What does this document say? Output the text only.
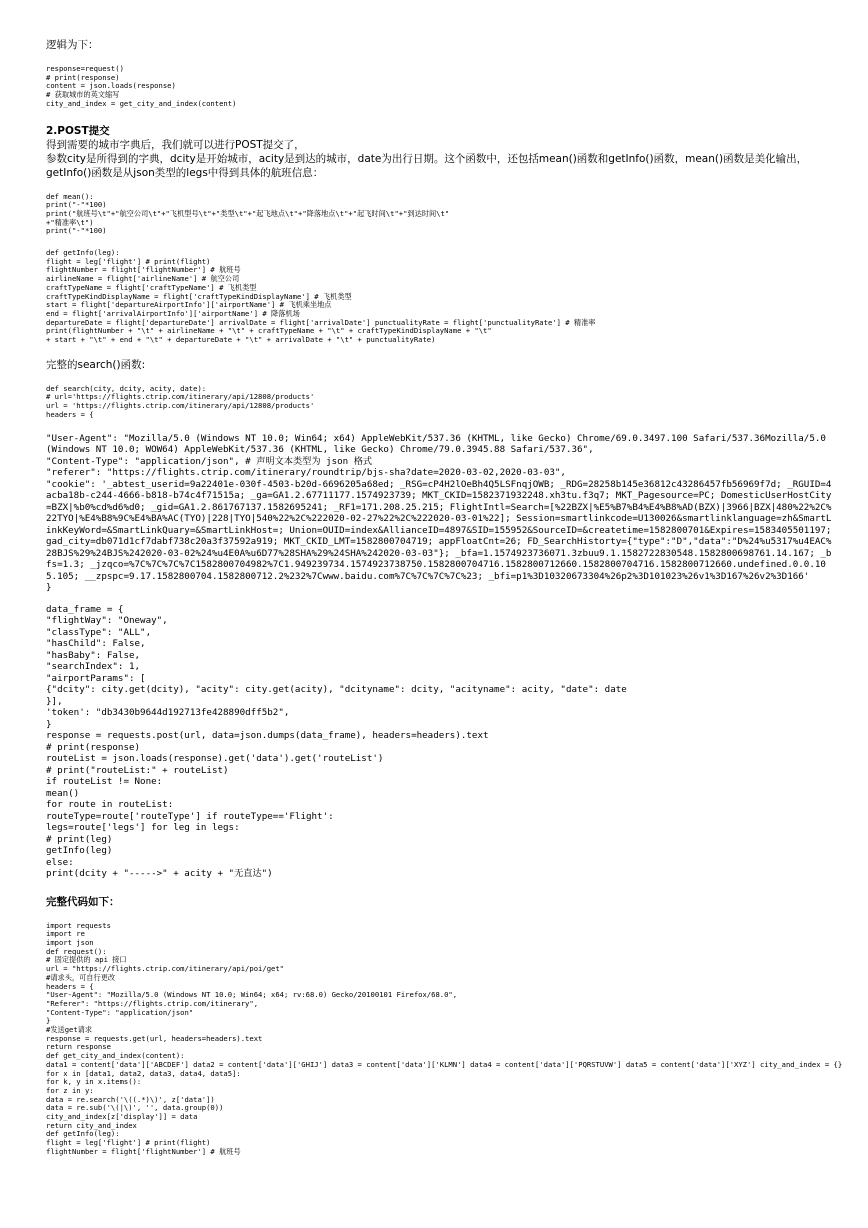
逻辑为下：

response=request()
# print(response)
content = json.loads(response)
# 获取城市的英文缩写
city_and_index = get_city_and_index(content)

2.POST提交

得到需要的城市字典后，我们就可以进行POST提交了，

参数city是所得到的字典，dcity是开始城市，acity是到达的城市，date为出行日期。这个函数中，还包括mean()函数和getInfo()函数，mean()函数是美化输出，getInfo()函数是从json类型的legs中得到具体的航班信息：

def mean():
print("-"*100)
print("航班号\t"+"航空公司\t"+"飞机型号\t"+"类型\t"+"起飞地点\t"+"降落地点\t"+"起飞时间\t"+"到达时间\t"
+"精准率\t")
print("-"*100)
def getInfo(leg):
flight = leg['flight'] # print(flight)
flightNumber = flight['flightNumber'] # 航班号
airlineName = flight['airlineName'] # 航空公司
craftTypeName = flight['craftTypeName'] # 飞机类型
craftTypeKindDisplayName = flight['craftTypeKindDisplayName'] # 飞机类型
start = flight['departureAirportInfo']['airportName'] # 飞机乘坐地点
end = flight['arrivalAirportInfo']['airportName'] # 降落机场
departureDate = flight['departureDate'] arrivalDate = flight['arrivalDate'] punctualityRate = flight['punctualityRate'] # 精准率
print(flightNumber + "\t" + airlineName + "\t" + craftTypeName + "\t" + craftTypeKindDisplayName + "\t"
+ start + "\t" + end + "\t" + departureDate + "\t" + arrivalDate + "\t" + punctualityRate)

完整的search()函数:

def search(city, dcity, acity, date):
# url='https://flights.ctrip.com/itinerary/api/12808/products'
url = 'https://flights.ctrip.com/itinerary/api/12808/products'
headers = {
"User-Agent": "Mozilla/5.0 (Windows NT 10.0; Win64; x64) AppleWebKit/537.36 (KHTML, like Gecko) Chrome/69.0.3497.100 Safari/537.36Mozilla/5.0 (Windows NT 10.0; WOW64) AppleWebKit/537.36 (KHTML, like Gecko) Chrome/79.0.3945.88 Safari/537.36",
"Content-Type": "application/json", # 声明文本类型为 json 格式
"referer": "https://flights.ctrip.com/itinerary/roundtrip/bjs-sha?date=2020-03-02,2020-03-03",
"cookie": '_abtest_userid=9a22401e-030f-4503-b20d-6696205a68ed; _RSG=cP4H2lOeBh4Q5LSFnqjOWB; _RDG=28258b145e36812c43286457fb56969f7d; _RGUID=4acba18b-c244-4666-b818-b74c4f71515a; _ga=GA1.2.67711177.1574923739; MKT_CKID=1582371932248.xh3tu.f3q7; MKT_Pagesource=PC; DomesticUserHostCity=BZX|%b0%cd%d6%d0; _gid=GA1.2.861767137.1582695241; _RF1=171.208.25.215; FlightIntl=Search=[%22BZX|%E5%B7%B4%E4%B8%AD(BZX)|3966|BZX|480%22%2C%22TYO|%E4%B8%9C%E4%BA%AC(TYO)|228|TYO|540%22%2C%222020-02-27%22%2C%222020-03-01%22]; Session=smartlinkcode=U130026&smartlinklanguage=zh&SmartLinkKeyWord=&SmartLinkQuary=&SmartLinkHost=; Union=OUID=index&AllianceID=4897&SID=155952&SourceID=&createtime=1582800701&Expires=1583405501197; gad_city=db071d1cf7dabf738c20a3f37592a919; MKT_CKID_LMT=1582800704719; appFloatCnt=26; FD_SearchHistorty={"type":"D","data":"D%24%u5317%u4EAC%28BJS%29%24BJS%242020-03-02%24%u4E0A%u6D77%28SHA%29%24SHA%242020-03-03"}; _bfa=1.1574923736071.3zbuu9.1.1582722830548.1582800698761.14.167; _bfs=1.3; _jzqco=%7C%7C%7C%7C1582800704982%7C1.949239734.1574923738750.1582800704716.1582800712660.1582800704716.1582800712660.undefined.0.0.105.105; __zpspc=9.17.1582800704.1582800712.2%232%7Cwww.baidu.com%7C%7C%7C%7C%23; _bfi=p1%3D10320673304%26p2%3D101023%26v1%3D167%26v2%3D166'
}
data_frame = {
"flightWay": "Oneway",
"classType": "ALL",
"hasChild": False,
"hasBaby": False,
"searchIndex": 1,
"airportParams": [
{"dcity": city.get(dcity), "acity": city.get(acity), "dcityname": dcity, "acityname": acity, "date": date
}],
'token': "db3430b9644d192713fe428890dff5b2",
}
response = requests.post(url, data=json.dumps(data_frame), headers=headers).text
# print(response)
routeList = json.loads(response).get('data').get('routeList')
# print("routeList:" + routeList)
if routeList != None:
mean()
for route in routeList:
routeType=route['routeType'] if routeType=='Flight':
legs=route['legs'] for leg in legs:
# print(leg)
getInfo(leg)
else:
print(dcity + "----->" + acity + "无直达")

完整代码如下：

import requests
import re
import json
def request():
# 固定提供的 api 接口
url = "https://flights.ctrip.com/itinerary/api/poi/get"
#请求头，可自行更改
headers = {
"User-Agent": "Mozilla/5.0 (Windows NT 10.0; Win64; x64; rv:68.0) Gecko/20100101 Firefox/68.0",
"Referer": "https://flights.ctrip.com/itinerary",
"Content-Type": "application/json"
}
#发送get请求
response = requests.get(url, headers=headers).text
return response
def get_city_and_index(content):
data1 = content['data']['ABCDEF'] data2 = content['data']['GHIJ'] data3 = content['data']['KLMN'] data4 = content['data']['PQRSTUVW'] data5 = content['data']['XYZ'] city_and_index = {}
for x in [data1, data2, data3, data4, data5]:
for k, y in x.items():
for z in y:
data = re.search('\((.*)\)', z['data'])
data = re.sub('\(|\)', '', data.group(0))
city_and_index[z['display']] = data
return city_and_index
def getInfo(leg):
flight = leg['flight'] # print(flight)
flightNumber = flight['flightNumber'] # 航班号
